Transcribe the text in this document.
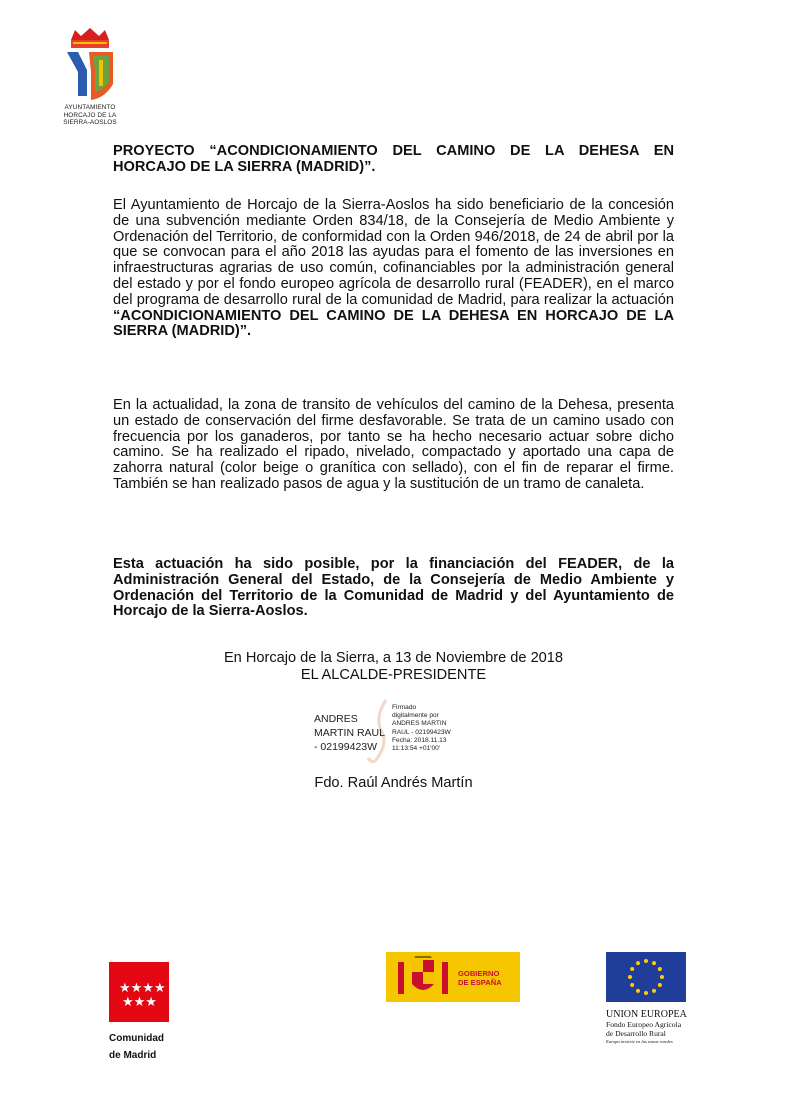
AYUNTAMIENTO
HORCAJO DE LA
SIERRA-AOSLOS
PROYECTO “ACONDICIONAMIENTO DEL CAMINO DE LA DEHESA EN HORCAJO DE LA SIERRA (MADRID)”.
El Ayuntamiento de Horcajo de la Sierra-Aoslos ha sido beneficiario de la concesión de una subvención mediante Orden 834/18, de la Consejería de Medio Ambiente y Ordenación del Territorio, de conformidad con la Orden 946/2018, de 24 de abril por la que se convocan para el año 2018 las ayudas para el fomento de las inversiones en infraestructuras agrarias de uso común, cofinanciables por la administración general del estado y por el fondo europeo agrícola de desarrollo rural (FEADER), en el marco del programa de desarrollo rural de la comunidad de Madrid, para realizar la actuación “ACONDICIONAMIENTO DEL CAMINO DE LA DEHESA EN HORCAJO DE LA SIERRA (MADRID)”.
En la actualidad, la zona de transito de vehículos del camino de la Dehesa, presenta un estado de conservación del firme desfavorable. Se trata de un camino usado con frecuencia por los ganaderos, por tanto se ha hecho necesario actuar sobre dicho camino. Se ha realizado el ripado, nivelado, compactado y aportado una capa de zahorra natural (color beige o granítica con sellado), con el fin de reparar el firme. También se han realizado pasos de agua y la sustitución de un tramo de canaleta.
Esta actuación ha sido posible, por la financiación del FEADER, de la Administración General del Estado, de la Consejería de Medio Ambiente y Ordenación del Territorio de la Comunidad de Madrid y del Ayuntamiento de Horcajo de la Sierra-Aoslos.
En Horcajo de la Sierra, a 13 de Noviembre de 2018
EL ALCALDE-PRESIDENTE
ANDRES
MARTIN RAUL
- 02199423W
Firmado
digitalmente por
ANDRES MARTIN
RAUL - 02199423W
Fecha: 2018.11.13
11:13:54 +01'00'
Fdo. Raúl Andrés Martín
★★★★
★★★
Comunidad
de Madrid
GOBIERNO
DE ESPAÑA
UNION EUROPEA
Fondo Europeo Agrícola
de Desarrollo Rural
Europa invierte en las zonas rurales
